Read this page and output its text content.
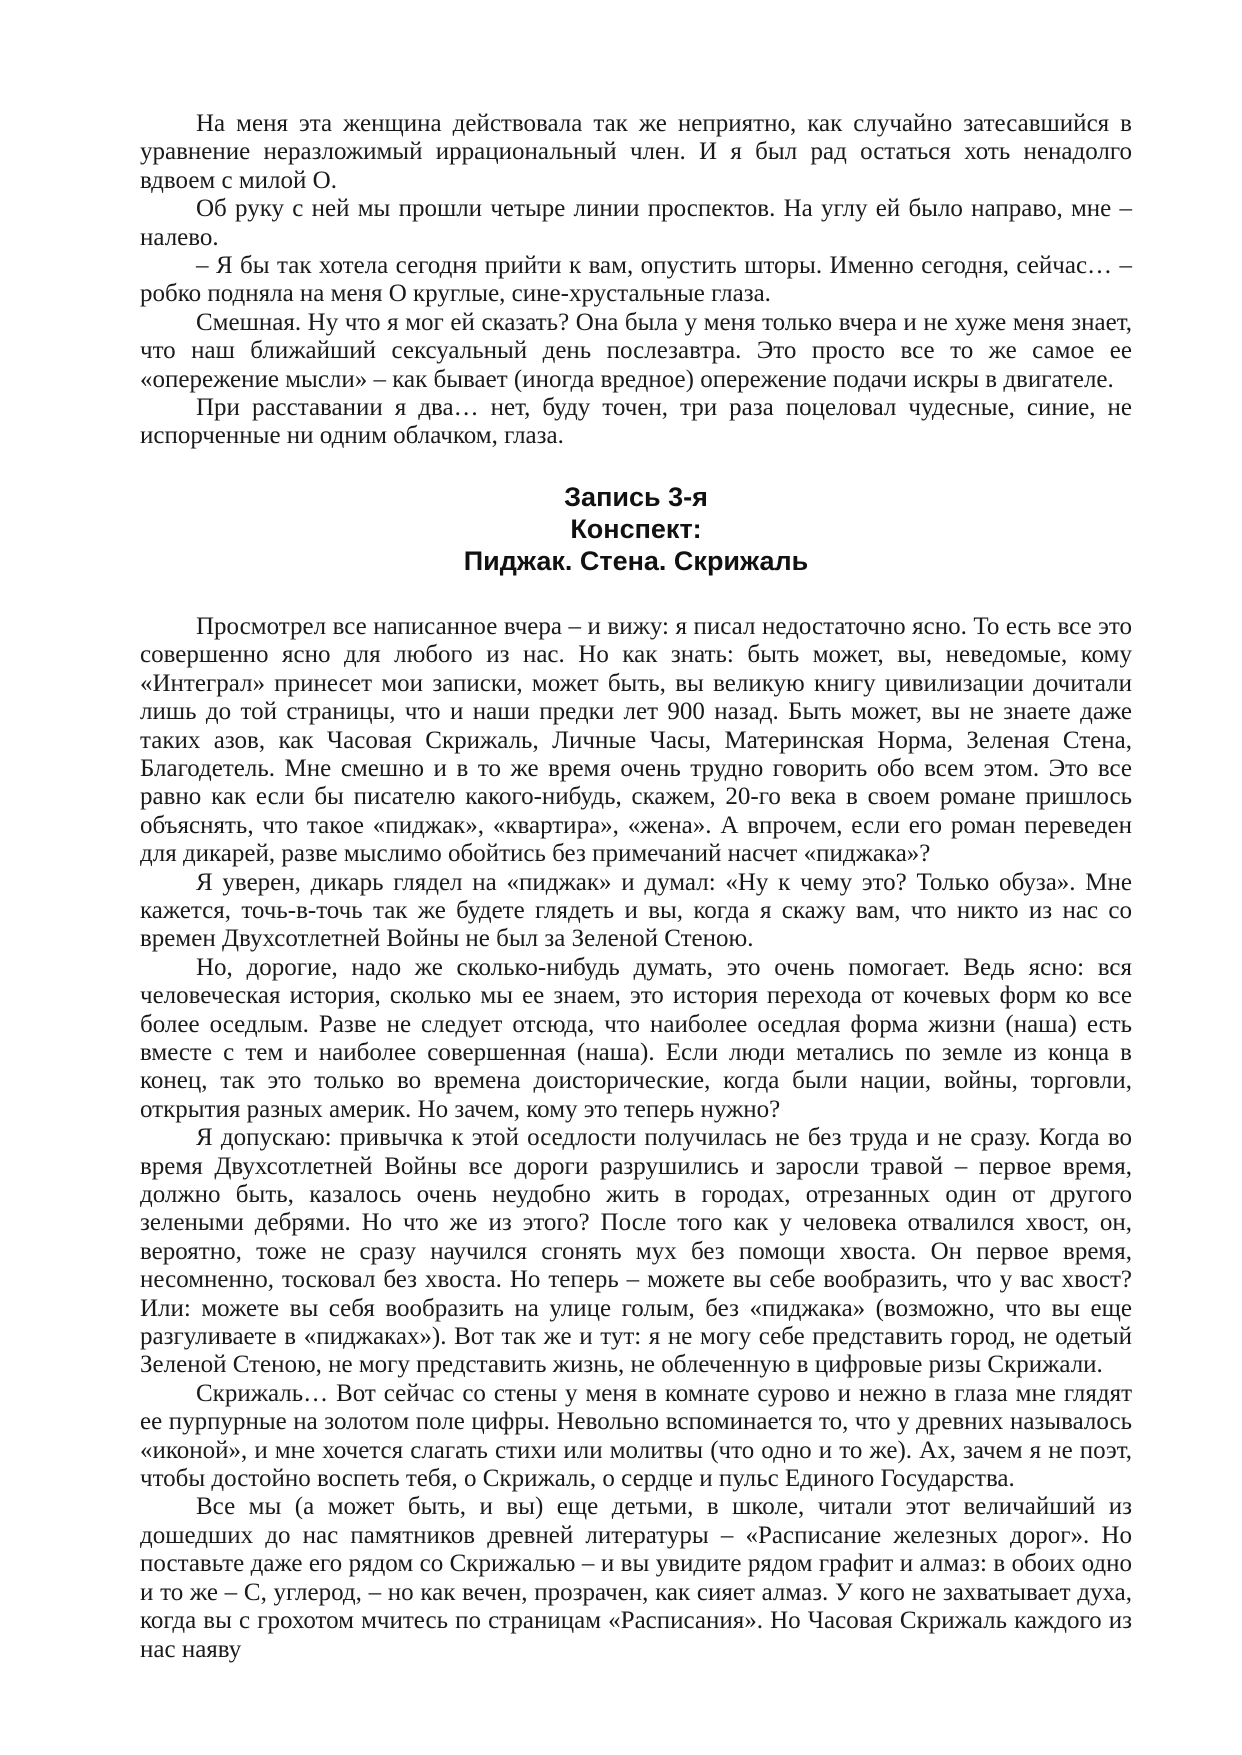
На меня эта женщина действовала так же неприятно, как случайно затесавшийся в уравнение неразложимый иррациональный член. И я был рад остаться хоть ненадолго вдвоем с милой О.

Об руку с ней мы прошли четыре линии проспектов. На углу ей было направо, мне – налево.

– Я бы так хотела сегодня прийти к вам, опустить шторы. Именно сегодня, сейчас… – робко подняла на меня О круглые, сине-хрустальные глаза.

Смешная. Ну что я мог ей сказать? Она была у меня только вчера и не хуже меня знает, что наш ближайший сексуальный день послезавтра. Это просто все то же самое ее «опережение мысли» – как бывает (иногда вредное) опережение подачи искры в двигателе.

При расставании я два… нет, буду точен, три раза поцеловал чудесные, синие, не испорченные ни одним облачком, глаза.

Запись 3-я
Конспект:
Пиджак. Стена. Скрижаль

Просмотрел все написанное вчера – и вижу: я писал недостаточно ясно. То есть все это совершенно ясно для любого из нас. Но как знать: быть может, вы, неведомые, кому «Интеграл» принесет мои записки, может быть, вы великую книгу цивилизации дочитали лишь до той страницы, что и наши предки лет 900 назад. Быть может, вы не знаете даже таких азов, как Часовая Скрижаль, Личные Часы, Материнская Норма, Зеленая Стена, Благодетель. Мне смешно и в то же время очень трудно говорить обо всем этом. Это все равно как если бы писателю какого-нибудь, скажем, 20-го века в своем романе пришлось объяснять, что такое «пиджак», «квартира», «жена». А впрочем, если его роман переведен для дикарей, разве мыслимо обойтись без примечаний насчет «пиджака»?

Я уверен, дикарь глядел на «пиджак» и думал: «Ну к чему это? Только обуза». Мне кажется, точь-в-точь так же будете глядеть и вы, когда я скажу вам, что никто из нас со времен Двухсотлетней Войны не был за Зеленой Стеною.

Но, дорогие, надо же сколько-нибудь думать, это очень помогает. Ведь ясно: вся человеческая история, сколько мы ее знаем, это история перехода от кочевых форм ко все более оседлым. Разве не следует отсюда, что наиболее оседлая форма жизни (наша) есть вместе с тем и наиболее совершенная (наша). Если люди метались по земле из конца в конец, так это только во времена доисторические, когда были нации, войны, торговли, открытия разных америк. Но зачем, кому это теперь нужно?

Я допускаю: привычка к этой оседлости получилась не без труда и не сразу. Когда во время Двухсотлетней Войны все дороги разрушились и заросли травой – первое время, должно быть, казалось очень неудобно жить в городах, отрезанных один от другого зелеными дебрями. Но что же из этого? После того как у человека отвалился хвост, он, вероятно, тоже не сразу научился сгонять мух без помощи хвоста. Он первое время, несомненно, тосковал без хвоста. Но теперь – можете вы себе вообразить, что у вас хвост? Или: можете вы себя вообразить на улице голым, без «пиджака» (возможно, что вы еще разгуливаете в «пиджаках»). Вот так же и тут: я не могу себе представить город, не одетый Зеленой Стеною, не могу представить жизнь, не облеченную в цифровые ризы Скрижали.

Скрижаль… Вот сейчас со стены у меня в комнате сурово и нежно в глаза мне глядят ее пурпурные на золотом поле цифры. Невольно вспоминается то, что у древних называлось «иконой», и мне хочется слагать стихи или молитвы (что одно и то же). Ах, зачем я не поэт, чтобы достойно воспеть тебя, о Скрижаль, о сердце и пульс Единого Государства.

Все мы (а может быть, и вы) еще детьми, в школе, читали этот величайший из дошедших до нас памятников древней литературы – «Расписание железных дорог». Но поставьте даже его рядом со Скрижалью – и вы увидите рядом графит и алмаз: в обоих одно и то же – С, углерод, – но как вечен, прозрачен, как сияет алмаз. У кого не захватывает духа, когда вы с грохотом мчитесь по страницам «Расписания». Но Часовая Скрижаль каждого из нас наяву
